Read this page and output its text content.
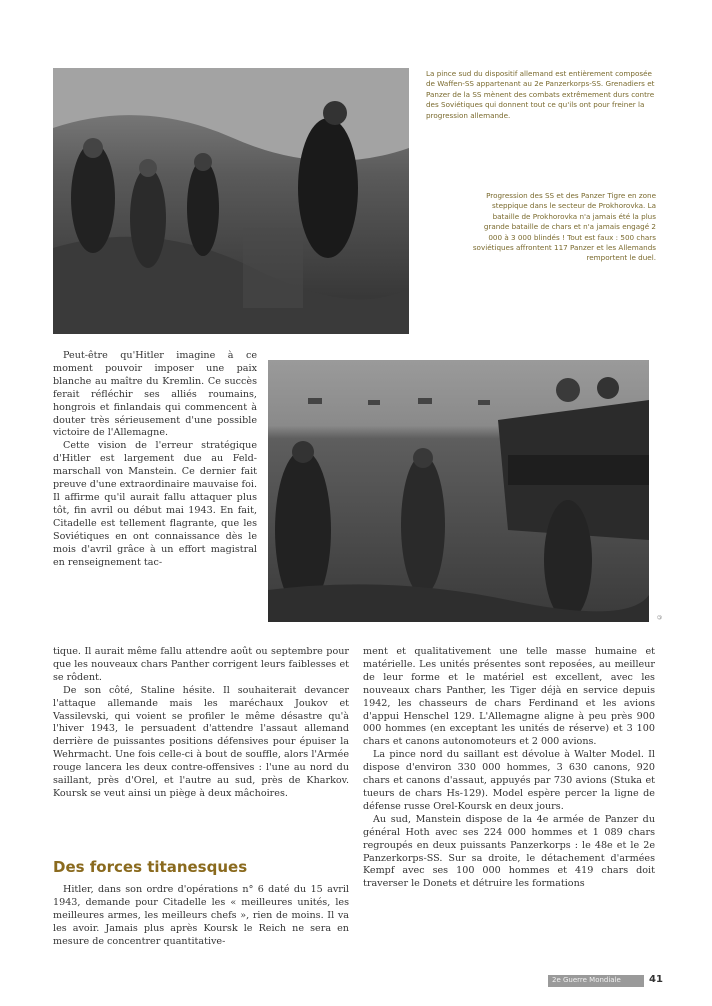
La pince sud du dispositif allemand est entièrement composée de Waffen-SS appartenant au 2e Panzerkorps-SS. Grenadiers et Panzer de la SS mènent des combats extrêmement durs contre des Soviétiques qui donnent tout ce qu'ils ont pour freiner la progression allemande.
Progression des SS et des Panzer Tigre en zone steppique dans le secteur de Prokhorovka. La bataille de Prokhorovka n'a jamais été la plus grande bataille de chars et n'a jamais engagé 2 000 à 3 000 blindés ! Tout est faux : 500 chars soviétiques affrontent 117 Panzer et les Allemands remportent le duel.
©

Peut-être qu'Hitler imagine à ce moment pouvoir imposer une paix blanche au maître du Kremlin. Ce succès ferait réfléchir ses alliés roumains, hongrois et finlandais qui commencent à douter très sérieusement d'une possible victoire de l'Allemagne.

Cette vision de l'erreur stratégique d'Hitler est largement due au Feld-marschall von Manstein. Ce dernier fait preuve d'une extraordinaire mauvaise foi. Il affirme qu'il aurait fallu attaquer plus tôt, fin avril ou début mai 1943. En fait, Citadelle est tellement flagrante, que les Soviétiques en ont connaissance dès le mois d'avril grâce à un effort magistral en renseignement tac-

tique. Il aurait même fallu attendre août ou septembre pour que les nouveaux chars Panther corrigent leurs faiblesses et se rôdent.

De son côté, Staline hésite. Il souhaiterait devancer l'attaque allemande mais les maréchaux Joukov et Vassilevski, qui voient se profiler le même désastre qu'à l'hiver 1943, le persuadent d'attendre l'assaut allemand derrière de puissantes positions défensives pour épuiser la Wehrmacht. Une fois celle-ci à bout de souffle, alors l'Armée rouge lancera les deux contre-offensives : l'une au nord du saillant, près d'Orel, et l'autre au sud, près de Kharkov. Koursk se veut ainsi un piège à deux mâchoires.

Des forces titanesques

Hitler, dans son ordre d'opérations n° 6 daté du 15 avril 1943, demande pour Citadelle les « meilleures unités, les meilleures armes, les meilleurs chefs », rien de moins. Il va les avoir. Jamais plus après Koursk le Reich ne sera en mesure de concentrer quantitative-

ment et qualitativement une telle masse humaine et matérielle. Les unités présentes sont reposées, au meilleur de leur forme et le matériel est excellent, avec les nouveaux chars Panther, les Tiger déjà en service depuis 1942, les chasseurs de chars Ferdinand et les avions d'appui Henschel 129. L'Allemagne aligne à peu près 900 000 hommes (en exceptant les unités de réserve) et 3 100 chars et canons autonomoteurs et 2 000 avions.

La pince nord du saillant est dévolue à Walter Model. Il dispose d'environ 330 000 hommes, 3 630 canons, 920 chars et canons d'assaut, appuyés par 730 avions (Stuka et tueurs de chars Hs-129). Model espère percer la ligne de défense russe Orel-Koursk en deux jours.

Au sud, Manstein dispose de la 4e armée de Panzer du général Hoth avec ses 224 000 hommes et 1 089 chars regroupés en deux puissants Panzerkorps : le 48e et le 2e Panzerkorps-SS. Sur sa droite, le détachement d'armées Kempf avec ses 100 000 hommes et 419 chars doit traverser le Donets et détruire les formations

2e Guerre Mondiale	41
